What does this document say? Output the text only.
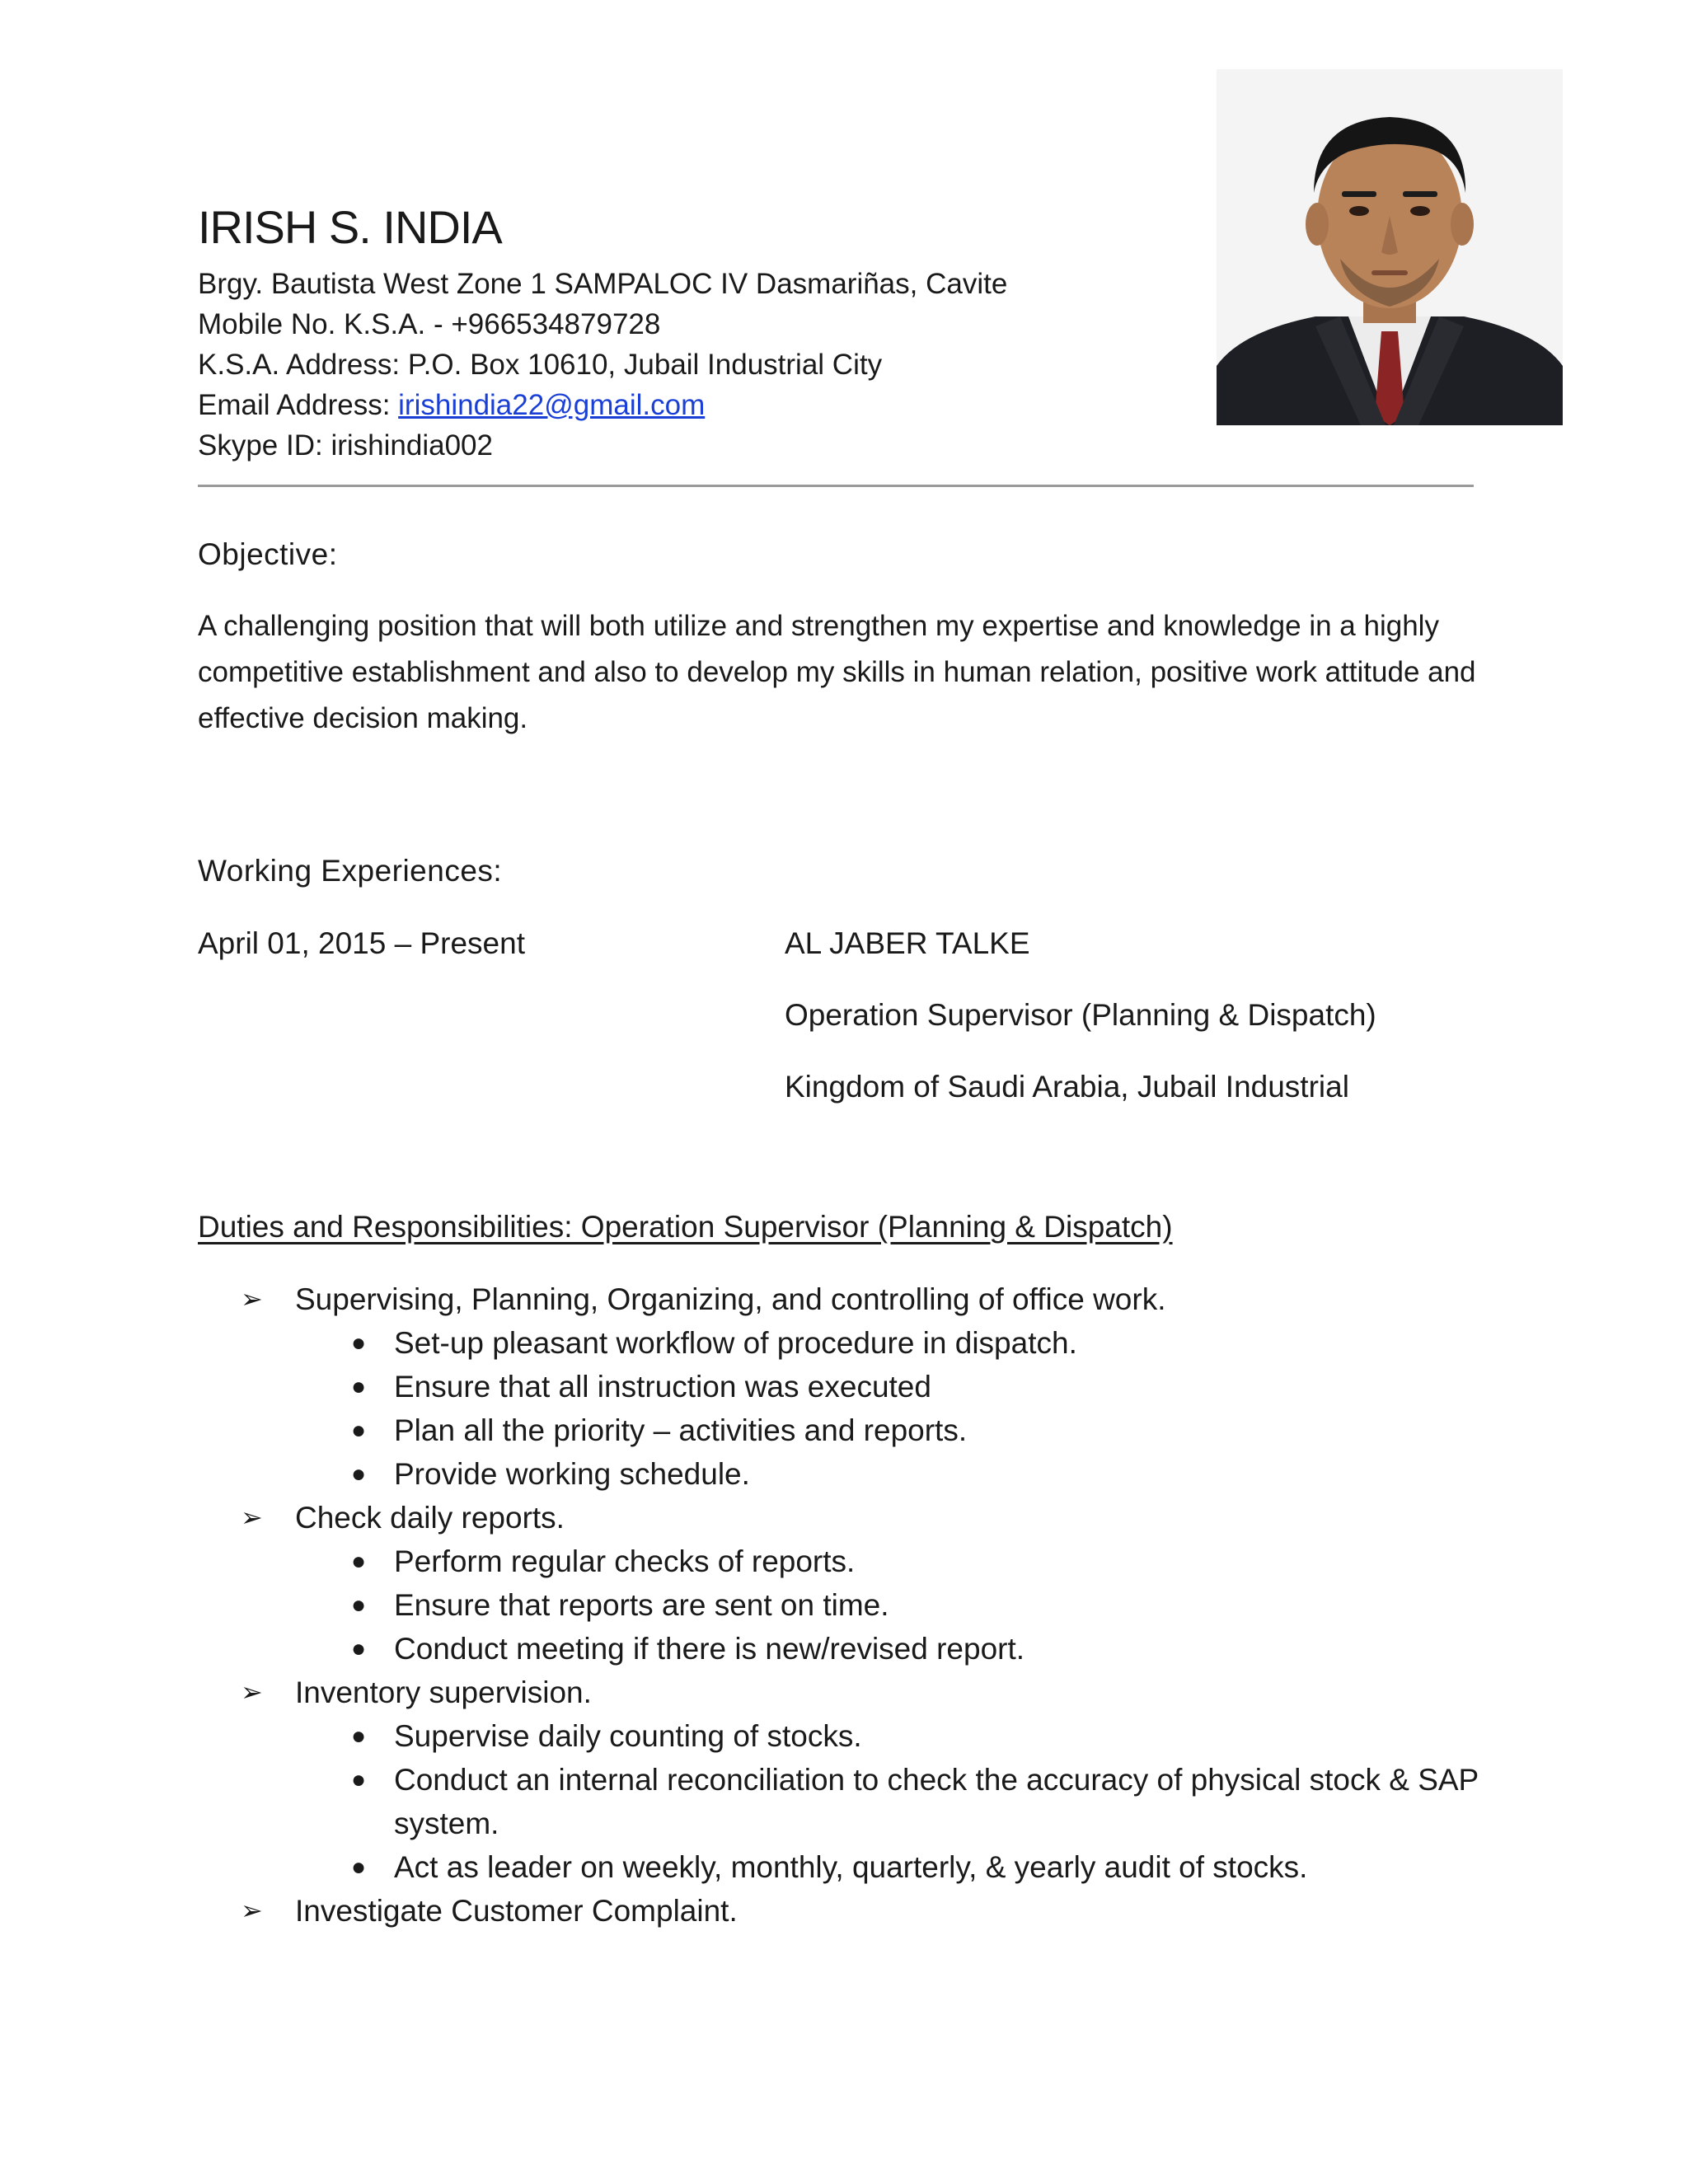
IRISH S. INDIA
Brgy. Bautista West Zone 1 SAMPALOC IV Dasmariñas, Cavite
Mobile No. K.S.A. - +966534879728
K.S.A. Address: P.O. Box 10610, Jubail Industrial City
Email Address: irishindia22@gmail.com
Skype ID: irishindia002
Objective:

A challenging position that will both utilize and strengthen my expertise and knowledge in a highly competitive establishment and also to develop my skills in human relation, positive work attitude and effective decision making.

Working Experiences:
April 01, 2015 – Present	AL JABER TALKE
Operation Supervisor (Planning & Dispatch)
Kingdom of Saudi Arabia, Jubail Industrial
Duties and Responsibilities: Operation Supervisor (Planning & Dispatch)
➢ Supervising, Planning, Organizing, and controlling of office work.
● Set-up pleasant workflow of procedure in dispatch.
● Ensure that all instruction was executed
● Plan all the priority – activities and reports.
● Provide working schedule.
➢ Check daily reports.
● Perform regular checks of reports.
● Ensure that reports are sent on time.
● Conduct meeting if there is new/revised report.
➢ Inventory supervision.
● Supervise daily counting of stocks.
● Conduct an internal reconciliation to check the accuracy of physical stock & SAP system.
● Act as leader on weekly, monthly, quarterly, & yearly audit of stocks.
➢ Investigate Customer Complaint.
